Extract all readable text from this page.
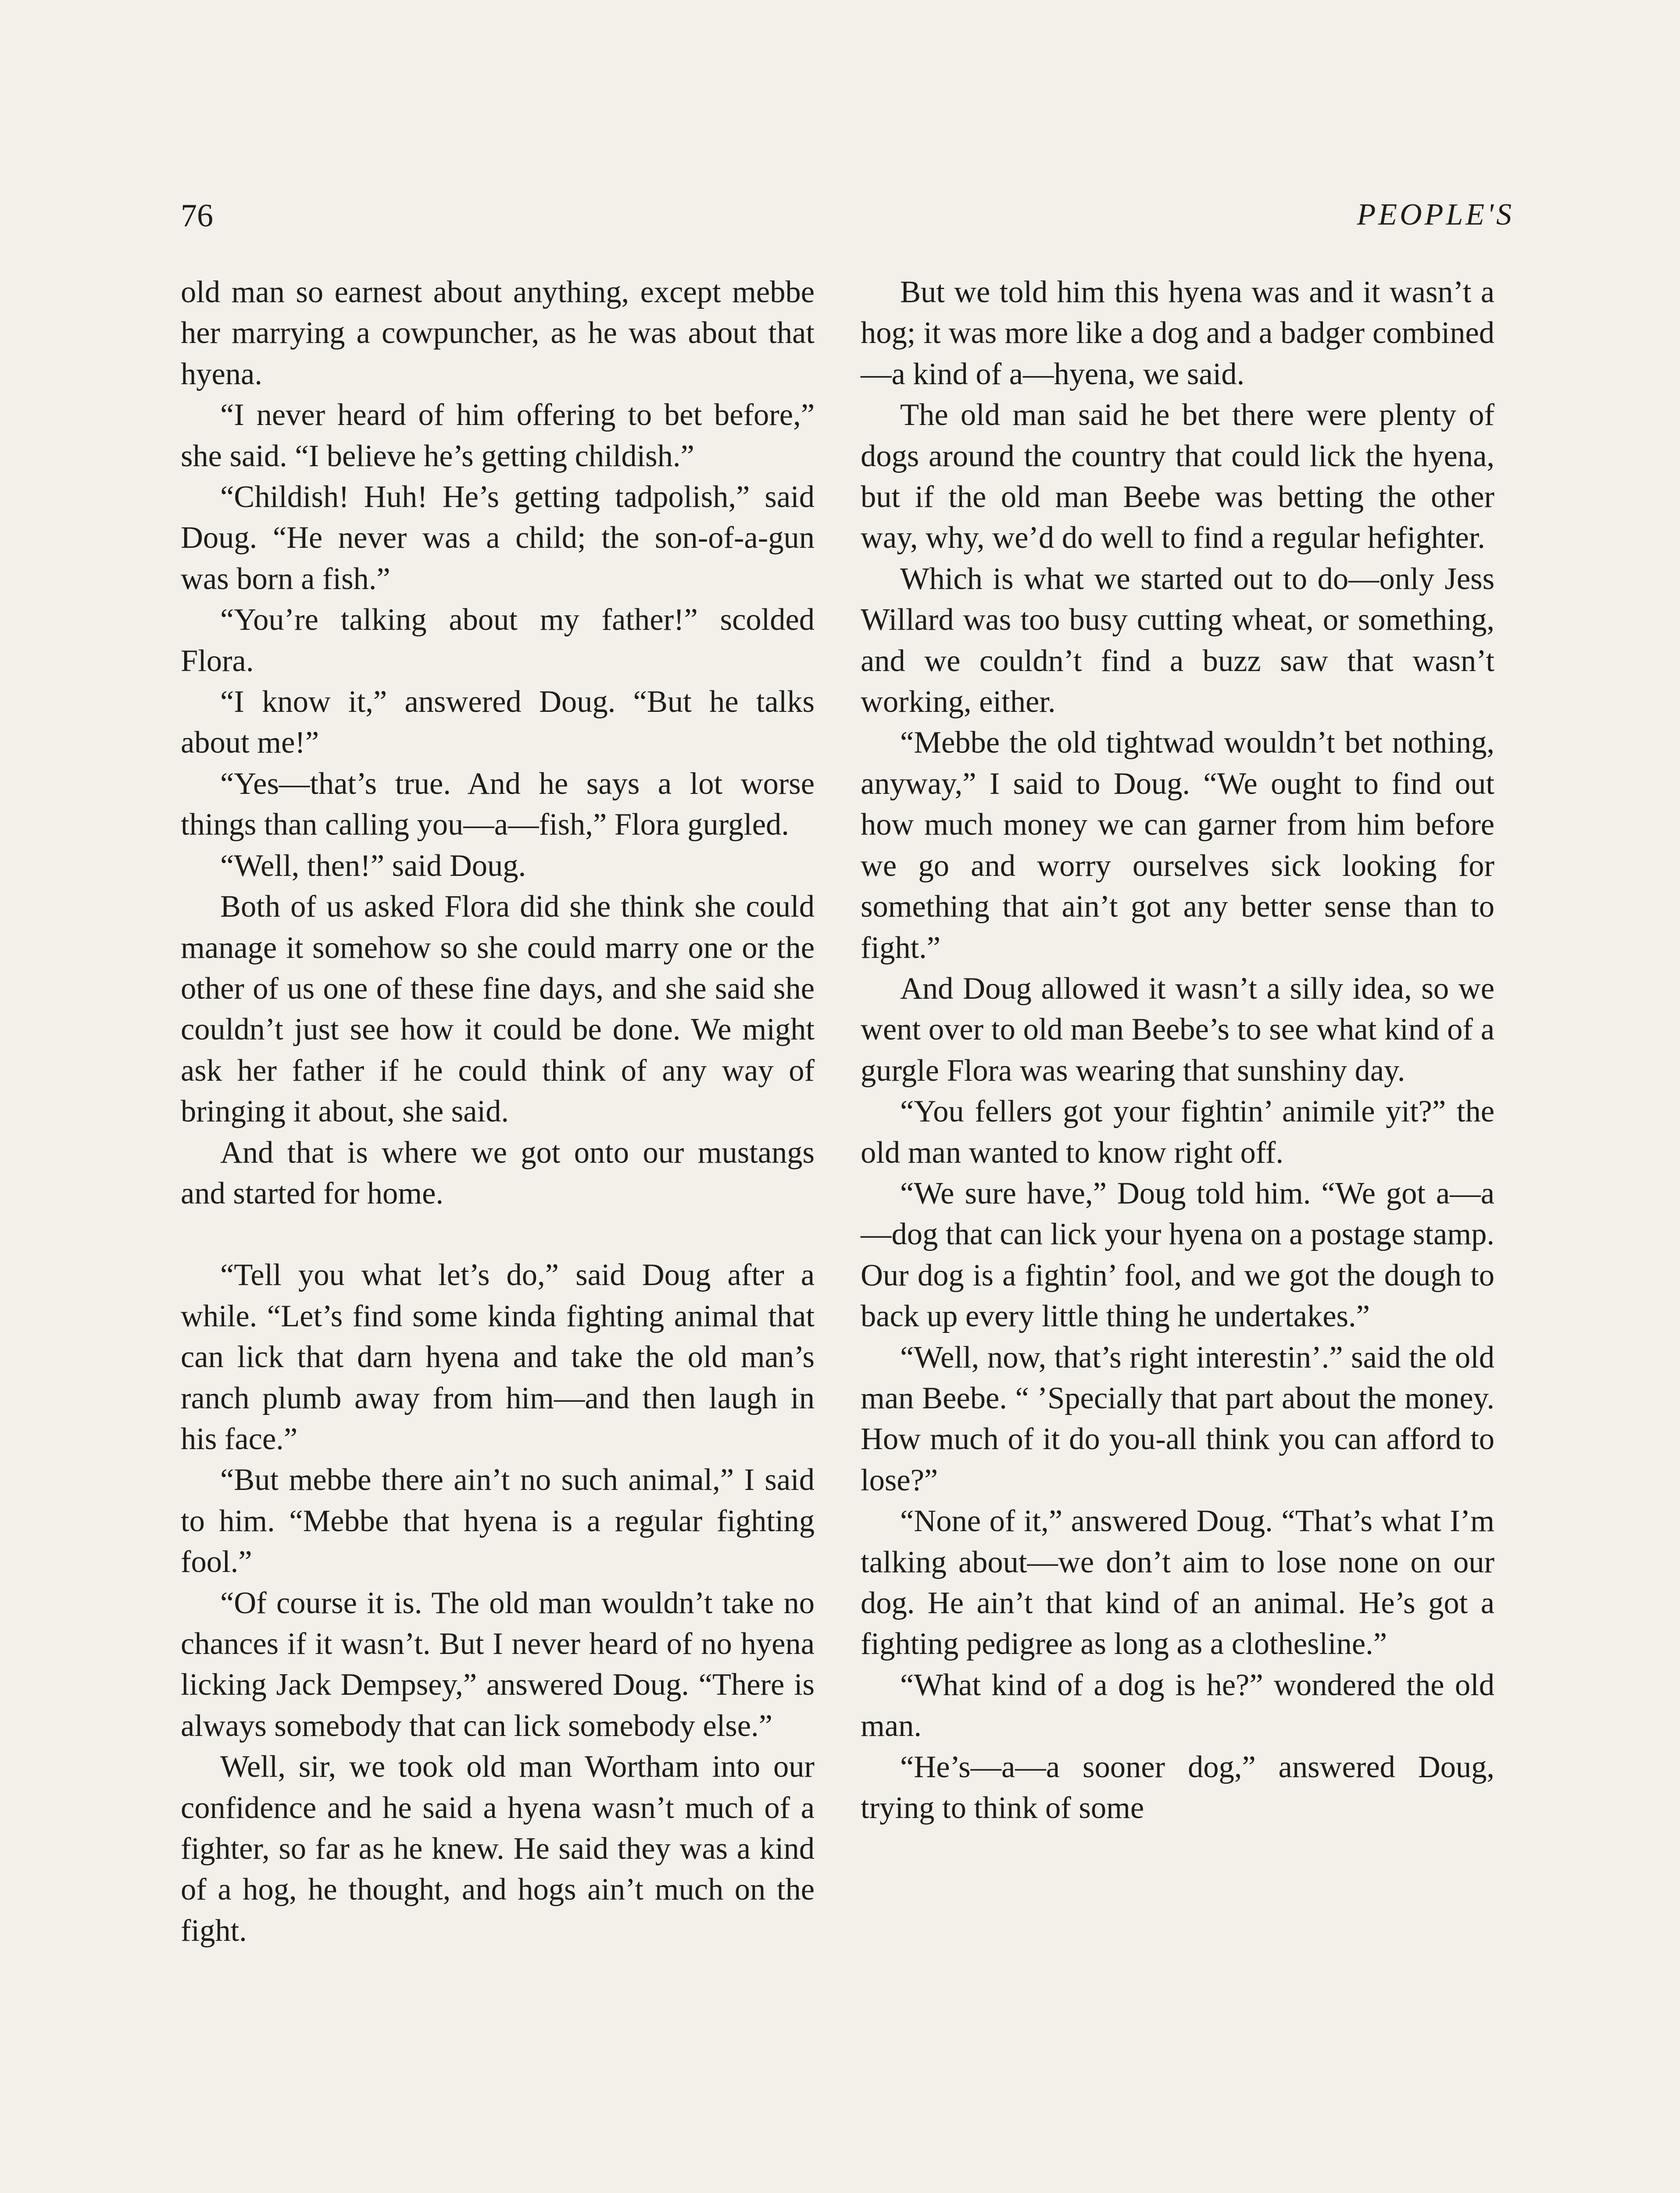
76	PEOPLE'S

old man so earnest about anything, except mebbe her marrying a cowpuncher, as he was about that hyena.

“I never heard of him offering to bet before,” she said. “I believe he’s getting childish.”

“Childish! Huh! He’s getting tadpolish,” said Doug. “He never was a child; the son-of-a-gun was born a fish.”

“You’re talking about my father!” scolded Flora.

“I know it,” answered Doug. “But he talks about me!”

“Yes—that’s true. And he says a lot worse things than calling you—a—fish,” Flora gurgled.

“Well, then!” said Doug.

Both of us asked Flora did she think she could manage it somehow so she could marry one or the other of us one of these fine days, and she said she couldn’t just see how it could be done. We might ask her father if he could think of any way of bringing it about, she said.

And that is where we got onto our mustangs and started for home.

“Tell you what let’s do,” said Doug after a while. “Let’s find some kinda fighting animal that can lick that darn hyena and take the old man’s ranch plumb away from him—and then laugh in his face.”

“But mebbe there ain’t no such animal,” I said to him. “Mebbe that hyena is a regular fighting fool.”

“Of course it is. The old man wouldn’t take no chances if it wasn’t. But I never heard of no hyena licking Jack Dempsey,” answered Doug. “There is always somebody that can lick somebody else.”

Well, sir, we took old man Wortham into our confidence and he said a hyena wasn’t much of a fighter, so far as he knew. He said they was a kind of a hog, he thought, and hogs ain’t much on the fight.

But we told him this hyena was and it wasn’t a hog; it was more like a dog and a badger combined—a kind of a—hyena, we said.

The old man said he bet there were plenty of dogs around the country that could lick the hyena, but if the old man Beebe was betting the other way, why, we’d do well to find a regular hefighter.

Which is what we started out to do—only Jess Willard was too busy cutting wheat, or something, and we couldn’t find a buzz saw that wasn’t working, either.

“Mebbe the old tightwad wouldn’t bet nothing, anyway,” I said to Doug. “We ought to find out how much money we can garner from him before we go and worry ourselves sick looking for something that ain’t got any better sense than to fight.”

And Doug allowed it wasn’t a silly idea, so we went over to old man Beebe’s to see what kind of a gurgle Flora was wearing that sunshiny day.

“You fellers got your fightin’ animile yit?” the old man wanted to know right off.

“We sure have,” Doug told him. “We got a—a—dog that can lick your hyena on a postage stamp. Our dog is a fightin’ fool, and we got the dough to back up every little thing he undertakes.”

“Well, now, that’s right interestin’.” said the old man Beebe. “ ’Specially that part about the money. How much of it do you-all think you can afford to lose?”

“None of it,” answered Doug. “That’s what I’m talking about—we don’t aim to lose none on our dog. He ain’t that kind of an animal. He’s got a fighting pedigree as long as a clothesline.”

“What kind of a dog is he?” wondered the old man.

“He’s—a—a sooner dog,” answered Doug, trying to think of some
